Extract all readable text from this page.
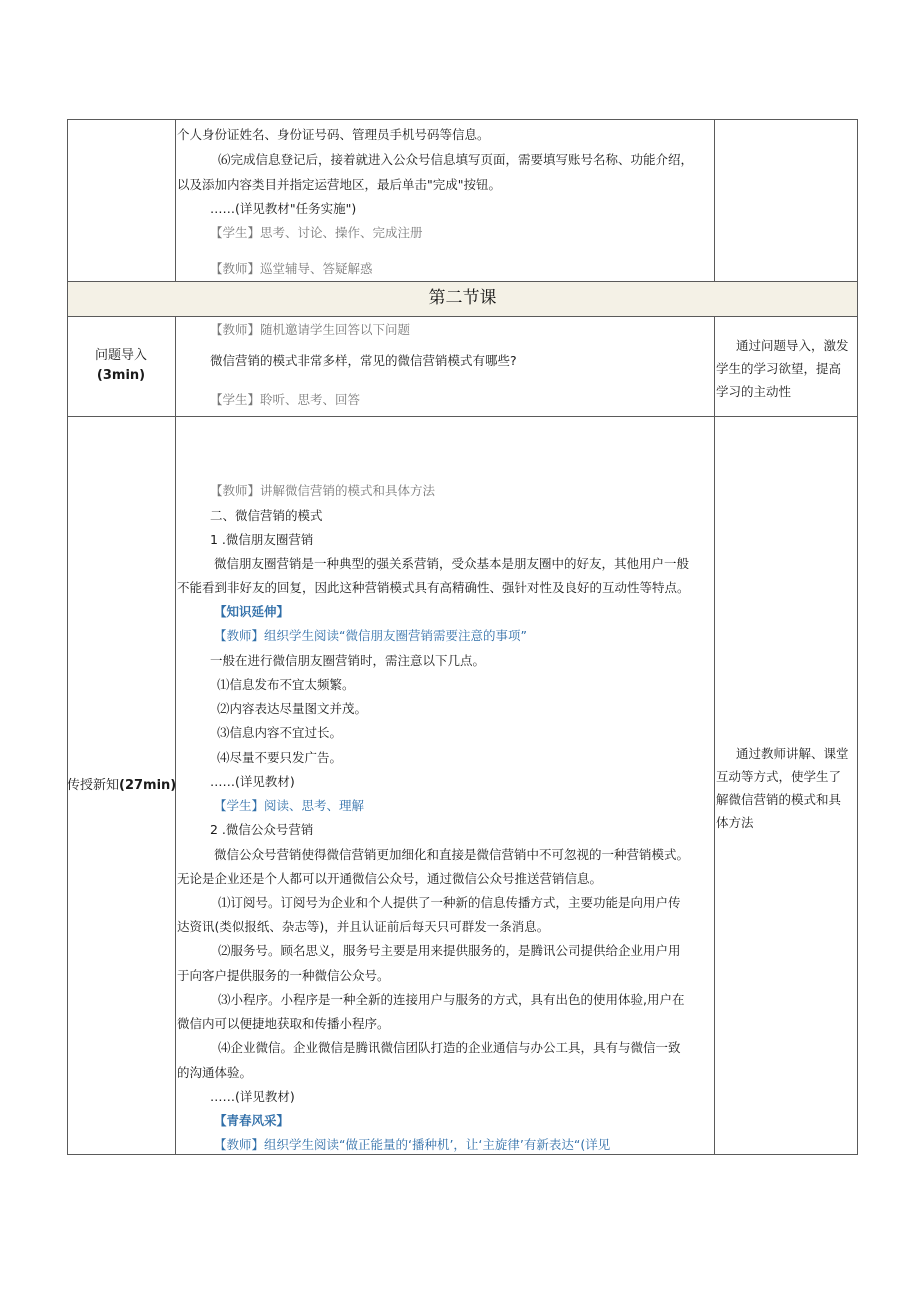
第二节课
个人身份证姓名、身份证号码、管理员手机号码等信息。
⑹完成信息登记后，接着就进入公众号信息填写页面，需要填写账号名称、功能介绍，
以及添加内容类目并指定运营地区，最后单击"完成"按钮。
……(详见教材"任务实施")
【学生】思考、讨论、操作、完成注册
【教师】巡堂辅导、答疑解惑
问题导入
(3min)
【教师】随机邀请学生回答以下问题
微信营销的模式非常多样，常见的微信营销模式有哪些?
【学生】聆听、思考、回答
通过问题导入，激发
学生的学习欲望，提高
学习的主动性
传授新知(27min)
【教师】讲解微信营销的模式和具体方法
二、微信营销的模式
1 .微信朋友圈营销
微信朋友圈营销是一种典型的强关系营销，受众基本是朋友圈中的好友，其他用户一般
不能看到非好友的回复，因此这种营销模式具有高精确性、强针对性及良好的互动性等特点。
【知识延伸】
【教师】组织学生阅读“微信朋友圈营销需要注意的事项”
一般在进行微信朋友圈营销时，需注意以下几点。
⑴信息发布不宜太频繁。
⑵内容表达尽量图文并茂。
⑶信息内容不宜过长。
⑷尽量不要只发广告。
……(详见教材)
【学生】阅读、思考、理解
2 .微信公众号营销
微信公众号营销使得微信营销更加细化和直接是微信营销中不可忽视的一种营销模式。
无论是企业还是个人都可以开通微信公众号，通过微信公众号推送营销信息。
⑴订阅号。订阅号为企业和个人提供了一种新的信息传播方式，主要功能是向用户传
达资讯(类似报纸、杂志等)，并且认证前后每天只可群发一条消息。
⑵服务号。顾名思义，服务号主要是用来提供服务的，是腾讯公司提供给企业用户用
于向客户提供服务的一种微信公众号。
⑶小程序。小程序是一种全新的连接用户与服务的方式，具有出色的使用体验,用户在
微信内可以便捷地获取和传播小程序。
⑷企业微信。企业微信是腾讯微信团队打造的企业通信与办公工具，具有与微信一致
的沟通体验。
……(详见教材)
【青春风采】
【教师】组织学生阅读“做正能量的‘播种机’，让‘主旋律’有新表达“(详见
通过教师讲解、课堂
互动等方式，使学生了
解微信营销的模式和具
体方法
